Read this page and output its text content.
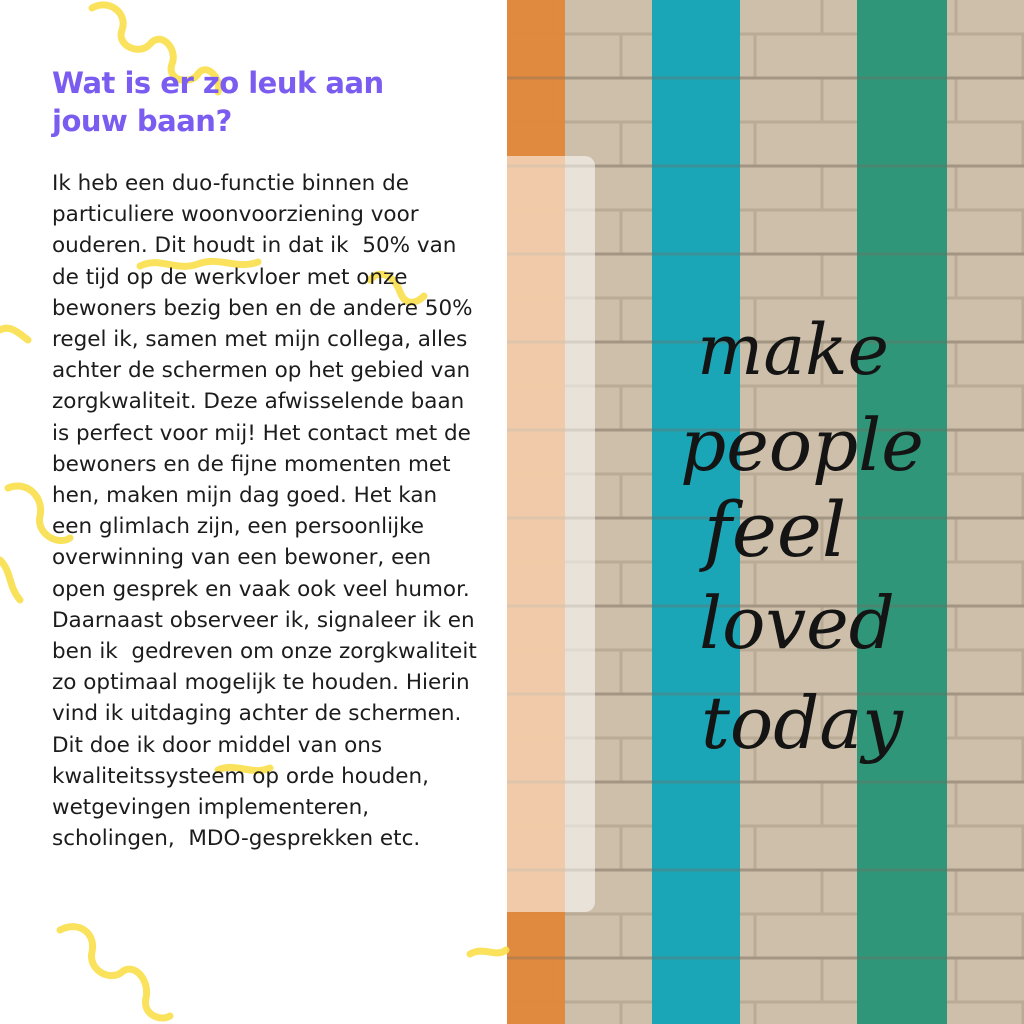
make
people
feel
loved
today
Wat is er zo leuk aan
jouw baan?
Ik heb een duo-functie binnen de
particuliere woonvoorziening voor
ouderen. Dit houdt in dat ik  50% van
de tijd op de werkvloer met onze
bewoners bezig ben en de andere 50%
regel ik, samen met mijn collega, alles
achter de schermen op het gebied van
zorgkwaliteit. Deze afwisselende baan
is perfect voor mij! Het contact met de
bewoners en de fijne momenten met
hen, maken mijn dag goed. Het kan
een glimlach zijn, een persoonlijke
overwinning van een bewoner, een
open gesprek en vaak ook veel humor.
Daarnaast observeer ik, signaleer ik en
ben ik  gedreven om onze zorgkwaliteit
zo optimaal mogelijk te houden. Hierin
vind ik uitdaging achter de schermen.
Dit doe ik door middel van ons
kwaliteitssysteem op orde houden,
wetgevingen implementeren,
scholingen,  MDO-gesprekken etc.
